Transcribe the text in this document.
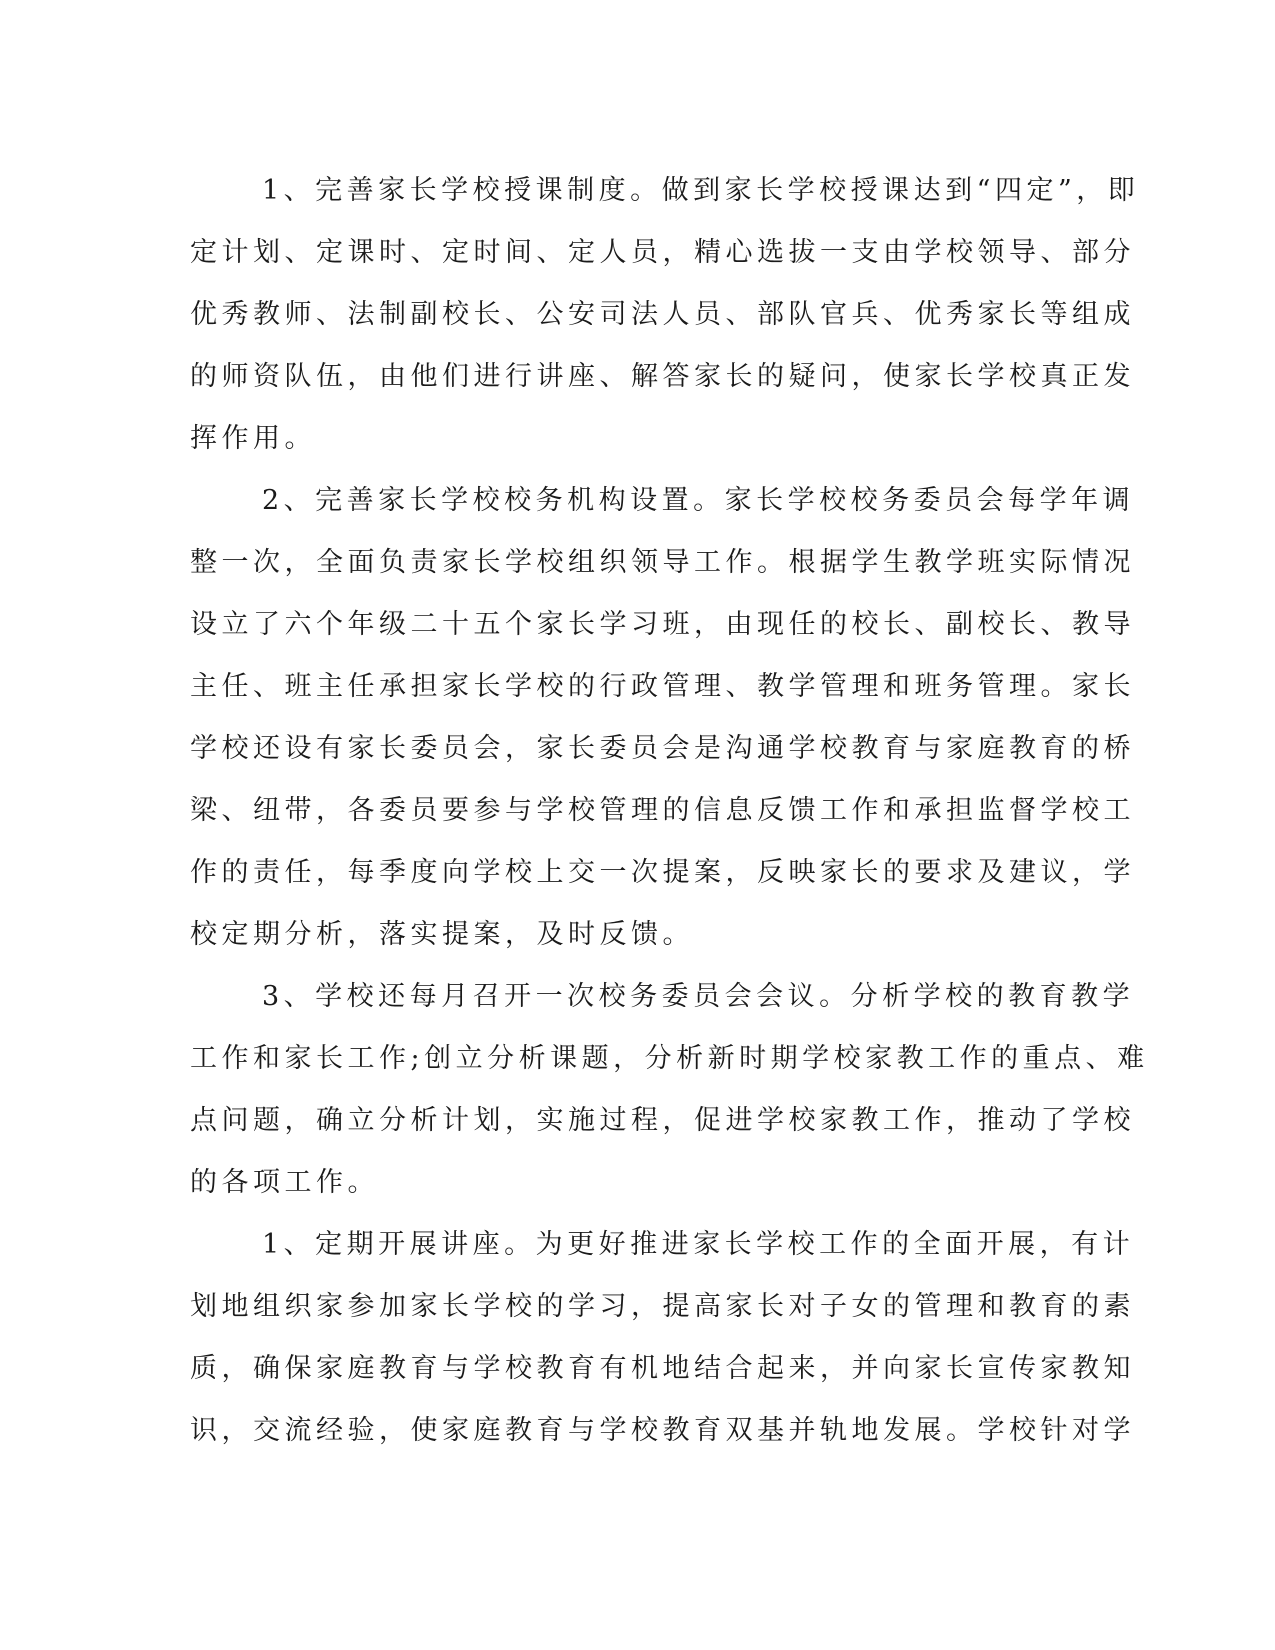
1、完善家长学校授课制度。做到家长学校授课达到“四定”，即
定计划、定课时、定时间、定人员，精心选拔一支由学校领导、部分
优秀教师、法制副校长、公安司法人员、部队官兵、优秀家长等组成
的师资队伍，由他们进行讲座、解答家长的疑问，使家长学校真正发
挥作用。
2、完善家长学校校务机构设置。家长学校校务委员会每学年调
整一次，全面负责家长学校组织领导工作。根据学生教学班实际情况
设立了六个年级二十五个家长学习班，由现任的校长、副校长、教导
主任、班主任承担家长学校的行政管理、教学管理和班务管理。家长
学校还设有家长委员会，家长委员会是沟通学校教育与家庭教育的桥
梁、纽带，各委员要参与学校管理的信息反馈工作和承担监督学校工
作的责任，每季度向学校上交一次提案，反映家长的要求及建议，学
校定期分析，落实提案，及时反馈。
3、学校还每月召开一次校务委员会会议。分析学校的教育教学
工作和家长工作;创立分析课题，分析新时期学校家教工作的重点、难
点问题，确立分析计划，实施过程，促进学校家教工作，推动了学校
的各项工作。
1、定期开展讲座。为更好推进家长学校工作的全面开展，有计
划地组织家参加家长学校的学习，提高家长对子女的管理和教育的素
质，确保家庭教育与学校教育有机地结合起来，并向家长宣传家教知
识，交流经验，使家庭教育与学校教育双基并轨地发展。学校针对学
